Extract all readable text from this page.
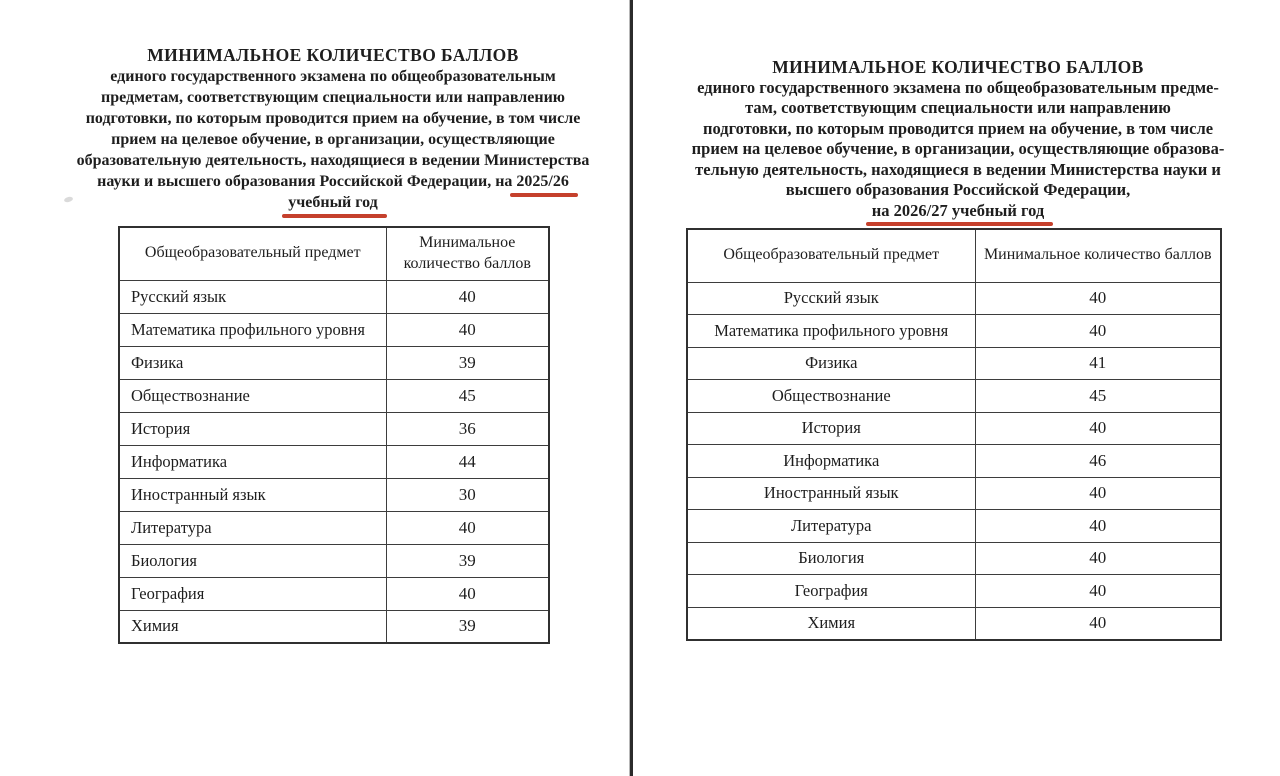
МИНИМАЛЬНОЕ КОЛИЧЕСТВО БАЛЛОВ
единого государственного экзамена по общеобразовательным
предметам, соответствующим специальности или направлению
подготовки, по которым проводится прием на обучение, в том числе
прием на целевое обучение, в организации, осуществляющие
образовательную деятельность, находящиеся в ведении Министерства
науки и высшего образования Российской Федерации, на 2025/26
учебный год
Общеобразовательный предмет	Минимальное количество баллов
Русский язык	40
Математика профильного уровня	40
Физика	39
Обществознание	45
История	36
Информатика	44
Иностранный язык	30
Литература	40
Биология	39
География	40
Химия	39
МИНИМАЛЬНОЕ КОЛИЧЕСТВО БАЛЛОВ
единого государственного экзамена по общеобразовательным предме-
там, соответствующим специальности или направлению
подготовки, по которым проводится прием на обучение, в том числе
прием на целевое обучение, в организации, осуществляющие образова-
тельную деятельность, находящиеся в ведении Министерства науки и
высшего образования Российской Федерации,
на 2026/27 учебный год
Общеобразовательный предмет	Минимальное количество баллов
Русский язык	40
Математика профильного уровня	40
Физика	41
Обществознание	45
История	40
Информатика	46
Иностранный язык	40
Литература	40
Биология	40
География	40
Химия	40
